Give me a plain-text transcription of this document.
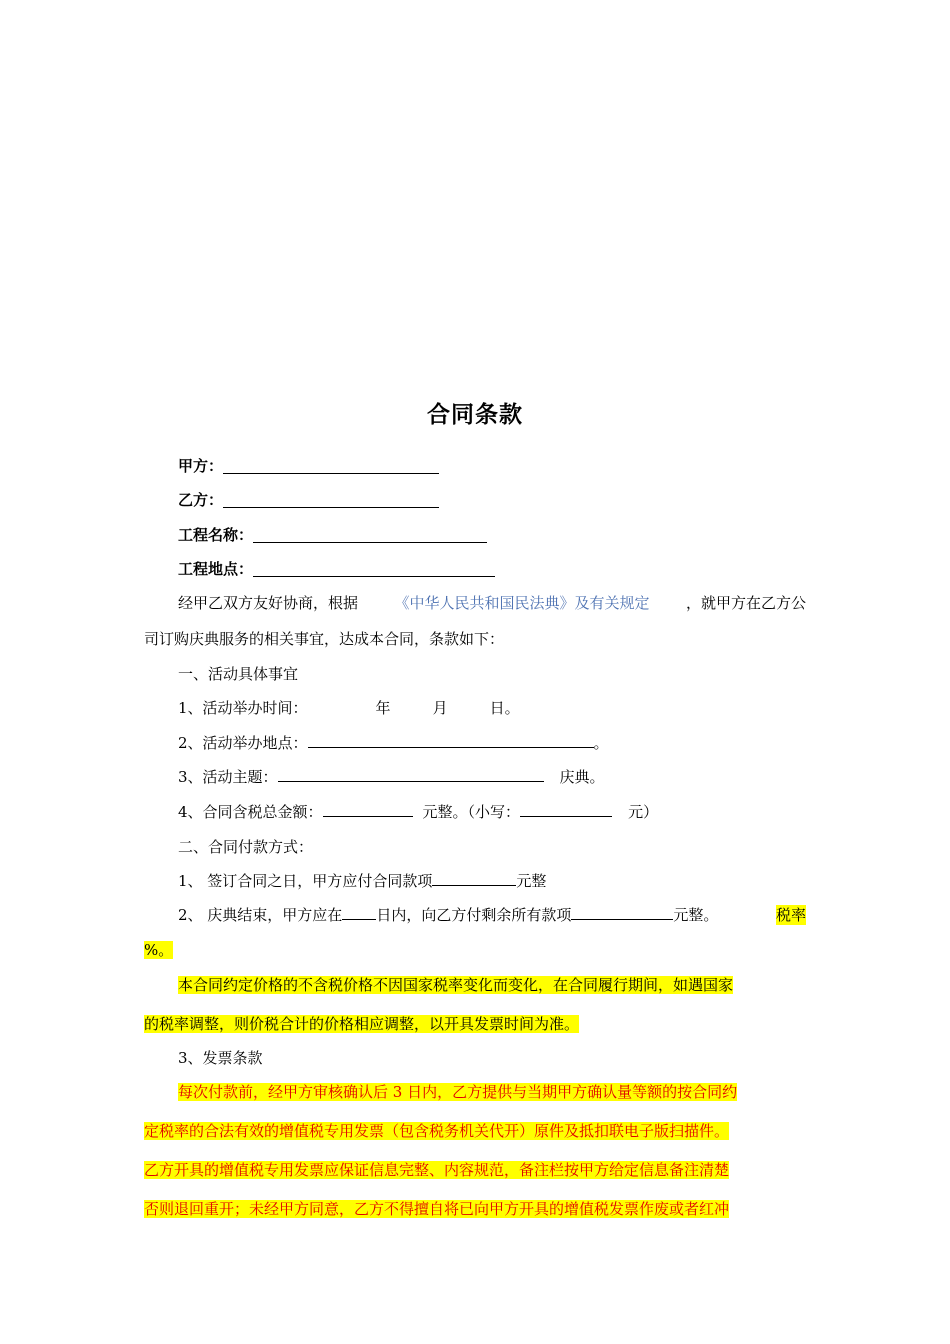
合同条款
甲方：
乙方：
工程名称：
工程地点：
经甲乙双方友好协商，根据 《中华人民共和国民法典》及有关规定 ，就甲方在乙方公
司订购庆典服务的相关事宜，达成本合同，条款如下：
一、活动具体事宜
1、活动举办时间：	年	月	日。
2、活动举办地点：	。
3、活动主题：	庆典。
4、合同含税总金额：	元整。（小写：	元）
二、合同付款方式：
1、 签订合同之日，甲方应付合同款项	元整
2、 庆典结束，甲方应在 日内，向乙方付剩余所有款项	元整。	税率
%。
本合同约定价格的不含税价格不因国家税率变化而变化，在合同履行期间，如遇国家
的税率调整，则价税合计的价格相应调整，以开具发票时间为准。
3、发票条款
每次付款前，经甲方审核确认后 3 日内，乙方提供与当期甲方确认量等额的按合同约
定税率的合法有效的增值税专用发票（包含税务机关代开）原件及抵扣联电子版扫描件。
乙方开具的增值税专用发票应保证信息完整、内容规范，备注栏按甲方给定信息备注清楚
否则退回重开；未经甲方同意，乙方不得擅自将已向甲方开具的增值税发票作废或者红冲
